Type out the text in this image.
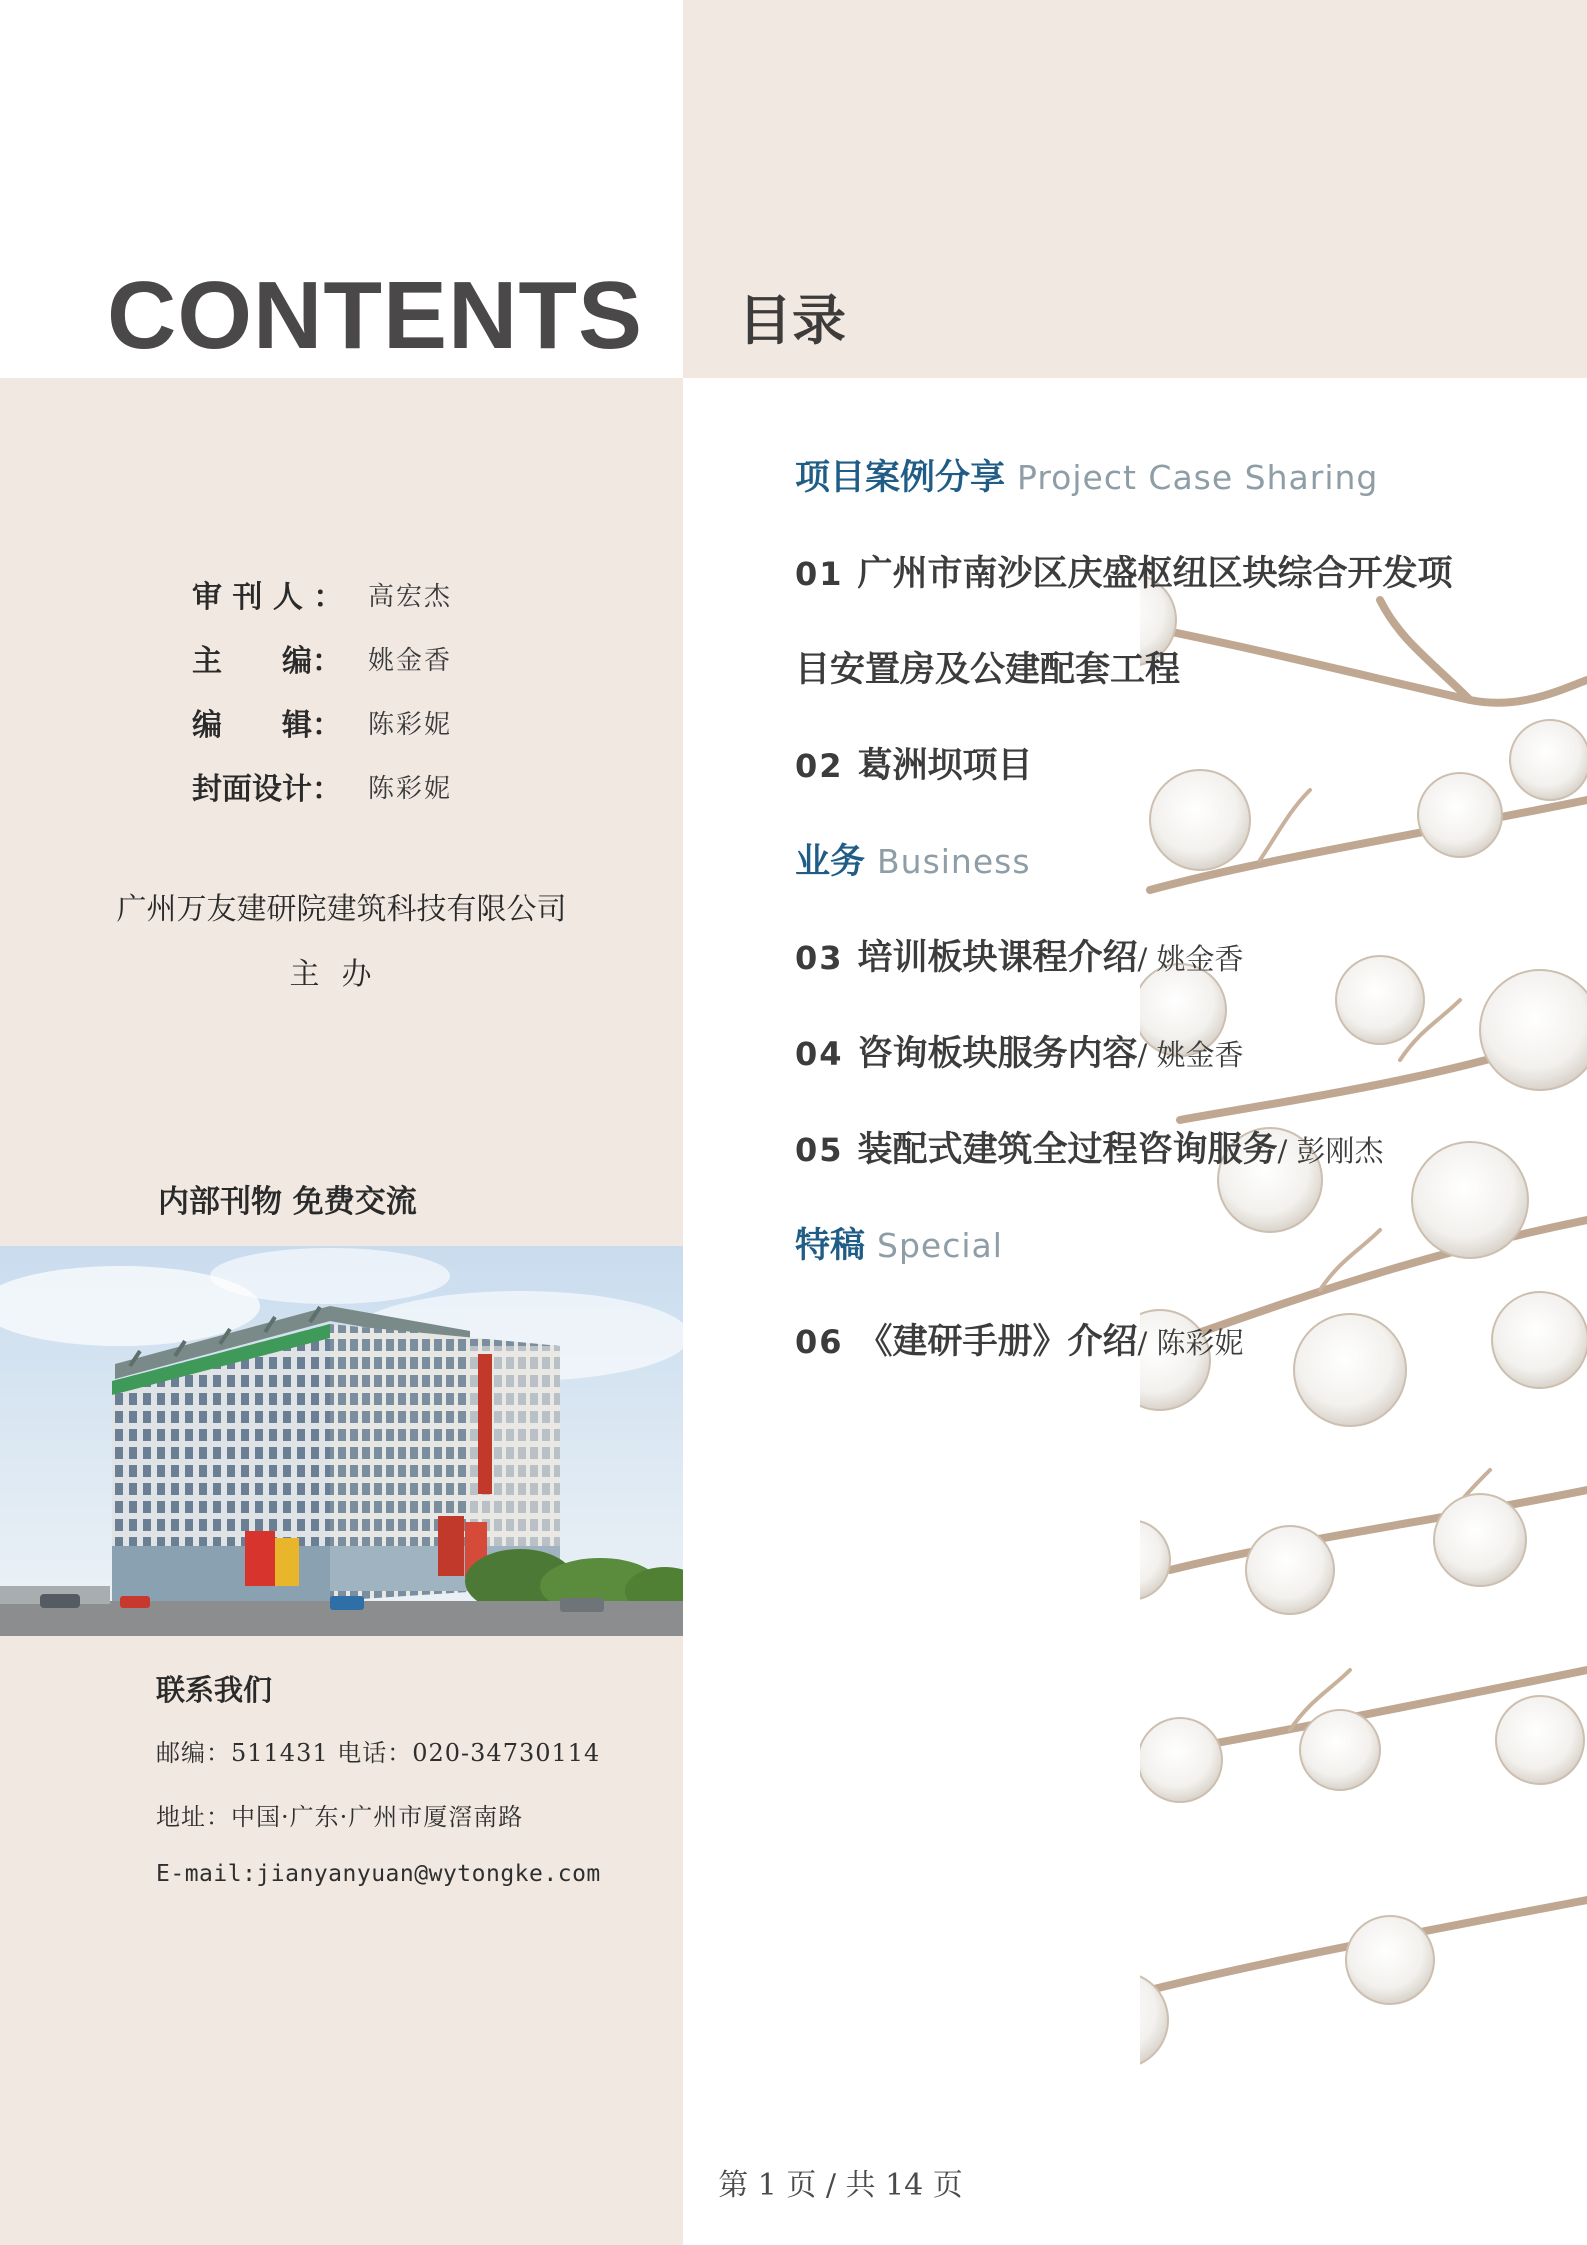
CONTENTS 目录
审 刊 人 ： 高宏杰
主　　编：	姚金香
编　　辑：	陈彩妮
封面设计：	陈彩妮
广州万友建研院建筑科技有限公司
主办
内部刊物 免费交流
联系我们
邮编：511431 电话：020-34730114
地址：中国·广东·广州市厦滘南路
E-mail:jianyanyuan@wytongke.com
项目案例分享 Project Case Sharing
01 广州市南沙区庆盛枢纽区块综合开发项
目安置房及公建配套工程
02 葛洲坝项目
业务 Business
03 培训板块课程介绍/ 姚金香
04 咨询板块服务内容/ 姚金香
05 装配式建筑全过程咨询服务/ 彭刚杰
特稿 Special
06 《建研手册》介绍/ 陈彩妮
第 1 页 / 共 14 页
